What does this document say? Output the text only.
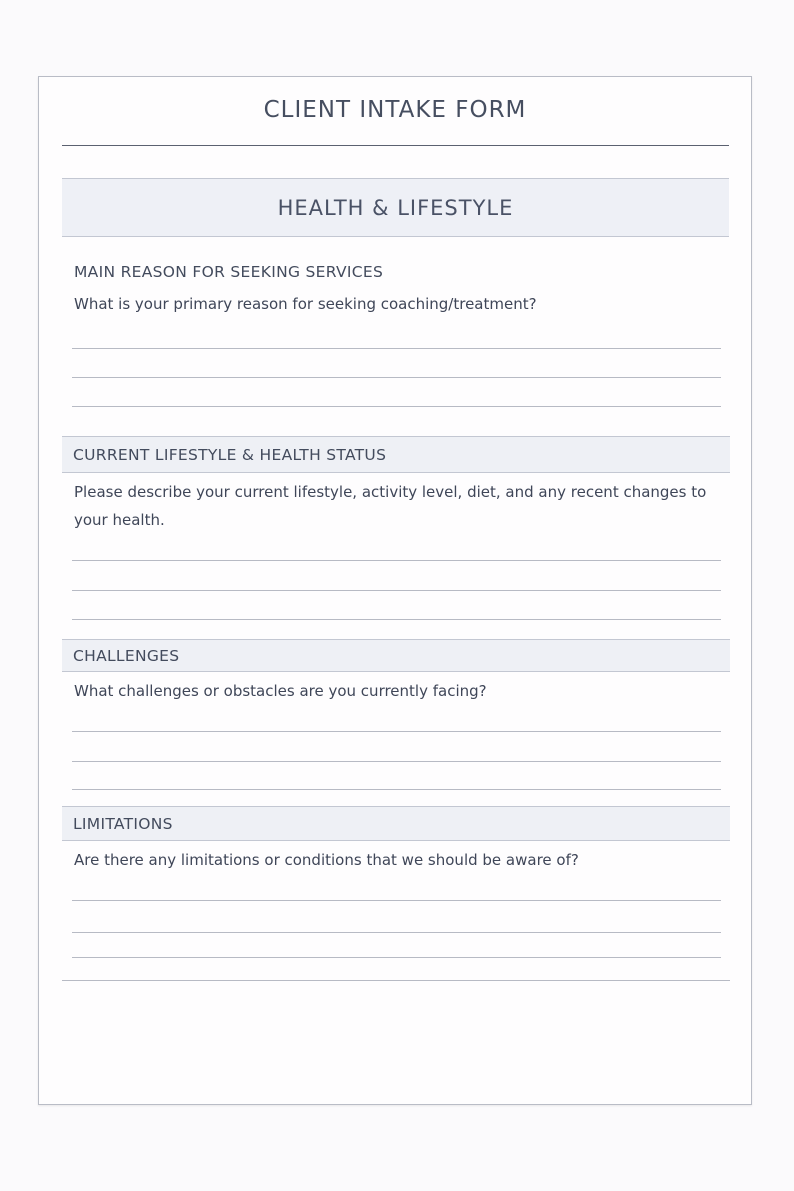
CLIENT INTAKE FORM
HEALTH & LIFESTYLE
MAIN REASON FOR SEEKING SERVICES
What is your primary reason for seeking coaching/treatment?
CURRENT LIFESTYLE & HEALTH STATUS
Please describe your current lifestyle, activity level, diet, and any recent changes to your health.
CHALLENGES
What challenges or obstacles are you currently facing?
LIMITATIONS
Are there any limitations or conditions that we should be aware of?
